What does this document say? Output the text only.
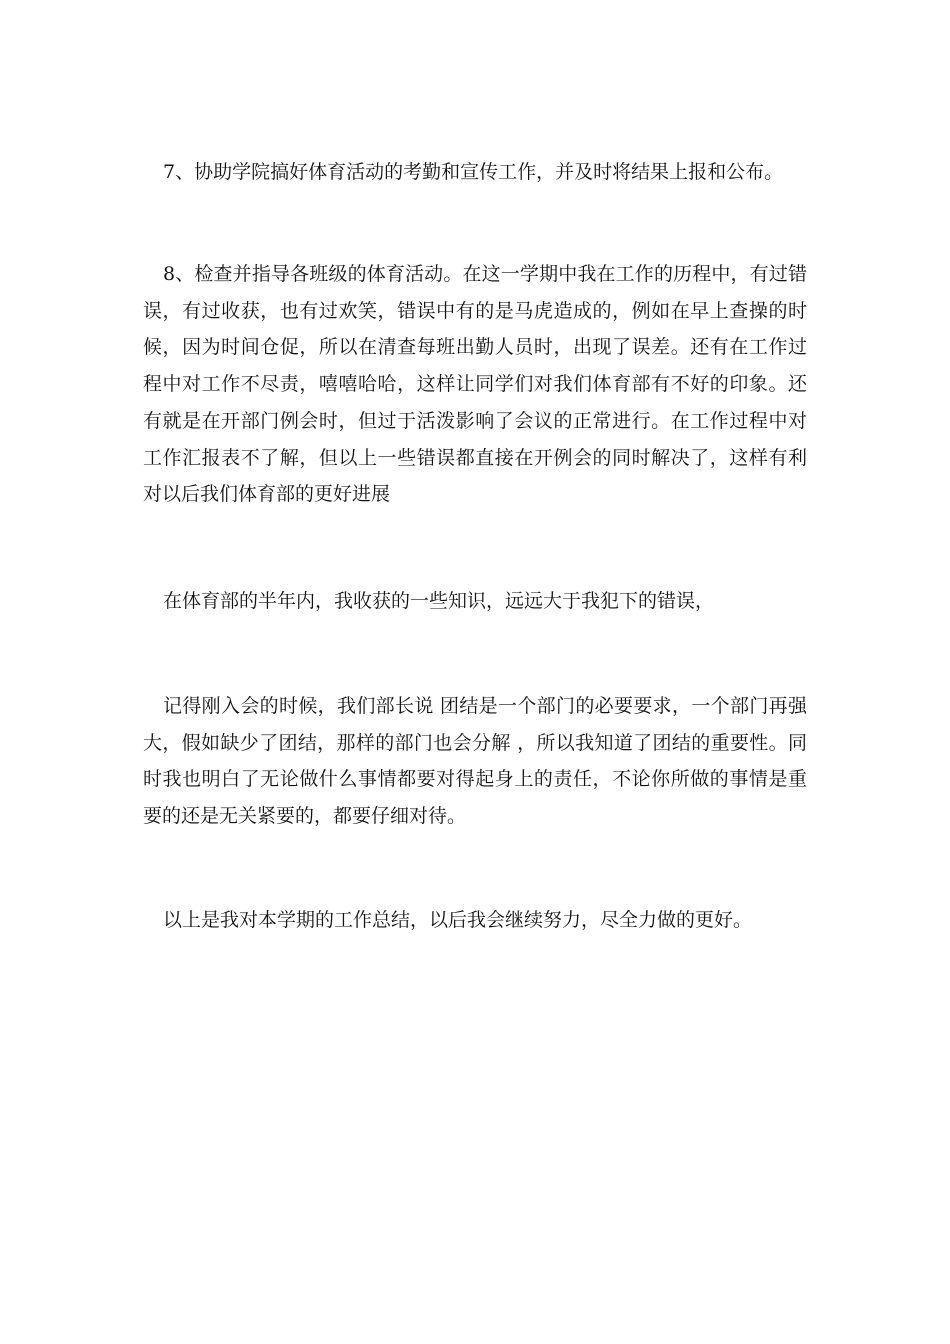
7、协助学院搞好体育活动的考勤和宣传工作，并及时将结果上报和公布。

8、检查并指导各班级的体育活动。在这一学期中我在工作的历程中，有过错误，有过收获，也有过欢笑，错误中有的是马虎造成的，例如在早上查操的时候，因为时间仓促，所以在清查每班出勤人员时，出现了误差。还有在工作过程中对工作不尽责，嘻嘻哈哈，这样让同学们对我们体育部有不好的印象。还有就是在开部门例会时，但过于活泼影响了会议的正常进行。在工作过程中对工作汇报表不了解，但以上一些错误都直接在开例会的同时解决了，这样有利对以后我们体育部的更好进展

在体育部的半年内，我收获的一些知识，远远大于我犯下的错误，

记得刚入会的时候，我们部长说 团结是一个部门的必要要求，一个部门再强大，假如缺少了团结，那样的部门也会分解 ，所以我知道了团结的重要性。同时我也明白了无论做什么事情都要对得起身上的责任，不论你所做的事情是重要的还是无关紧要的，都要仔细对待。

以上是我对本学期的工作总结，以后我会继续努力，尽全力做的更好。
